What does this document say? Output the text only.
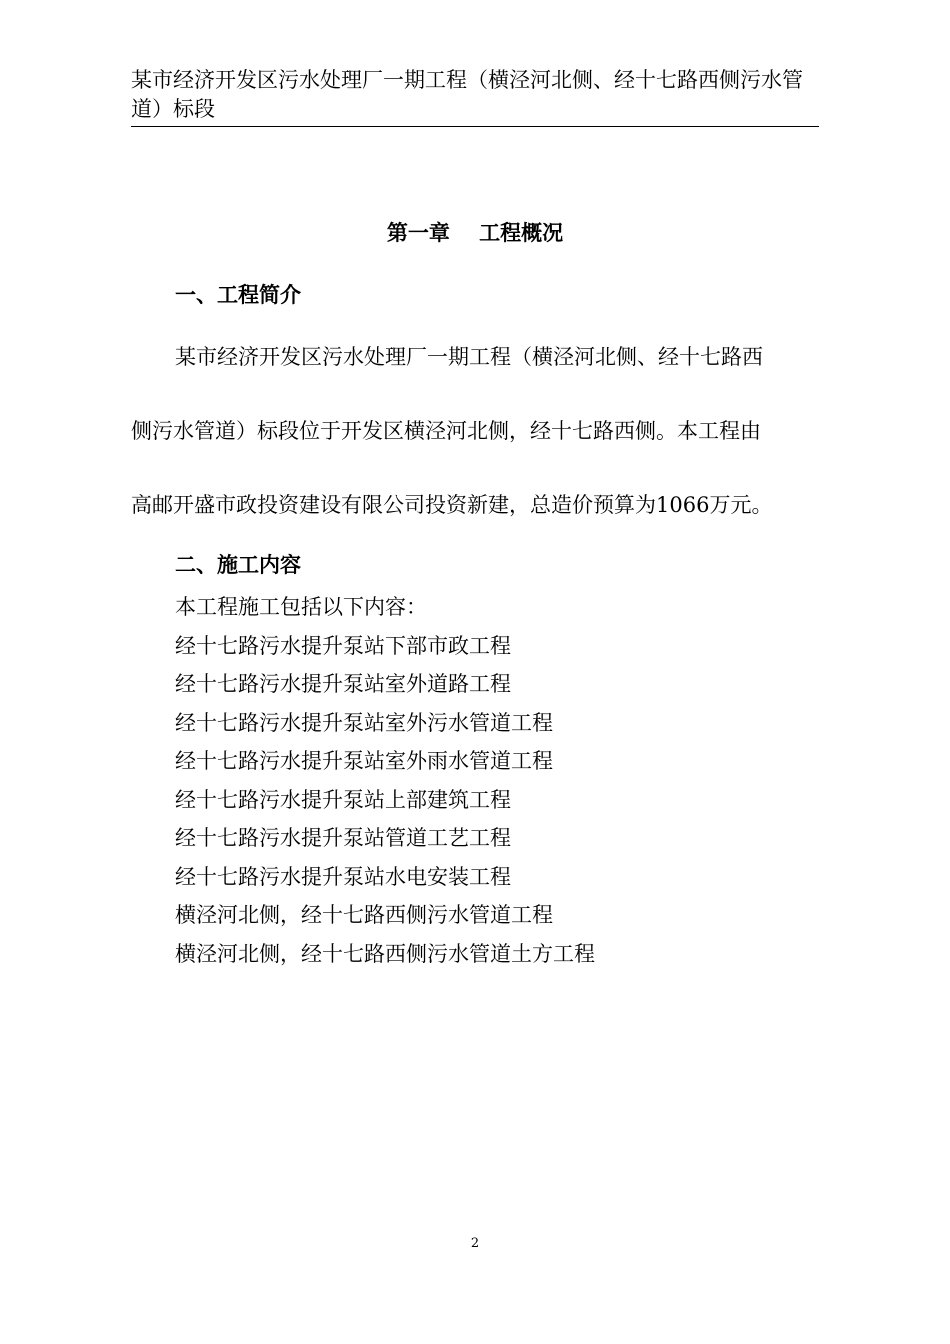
某市经济开发区污水处理厂一期工程（横泾河北侧、经十七路西侧污水管道）标段
第一章    工程概况
一、工程简介
某市经济开发区污水处理厂一期工程（横泾河北侧、经十七路西
侧污水管道）标段位于开发区横泾河北侧，经十七路西侧。本工程由
高邮开盛市政投资建设有限公司投资新建，总造价预算为1066万元。
二、施工内容
本工程施工包括以下内容：
经十七路污水提升泵站下部市政工程
经十七路污水提升泵站室外道路工程
经十七路污水提升泵站室外污水管道工程
经十七路污水提升泵站室外雨水管道工程
经十七路污水提升泵站上部建筑工程
经十七路污水提升泵站管道工艺工程
经十七路污水提升泵站水电安装工程
横泾河北侧，经十七路西侧污水管道工程
横泾河北侧，经十七路西侧污水管道土方工程
2
